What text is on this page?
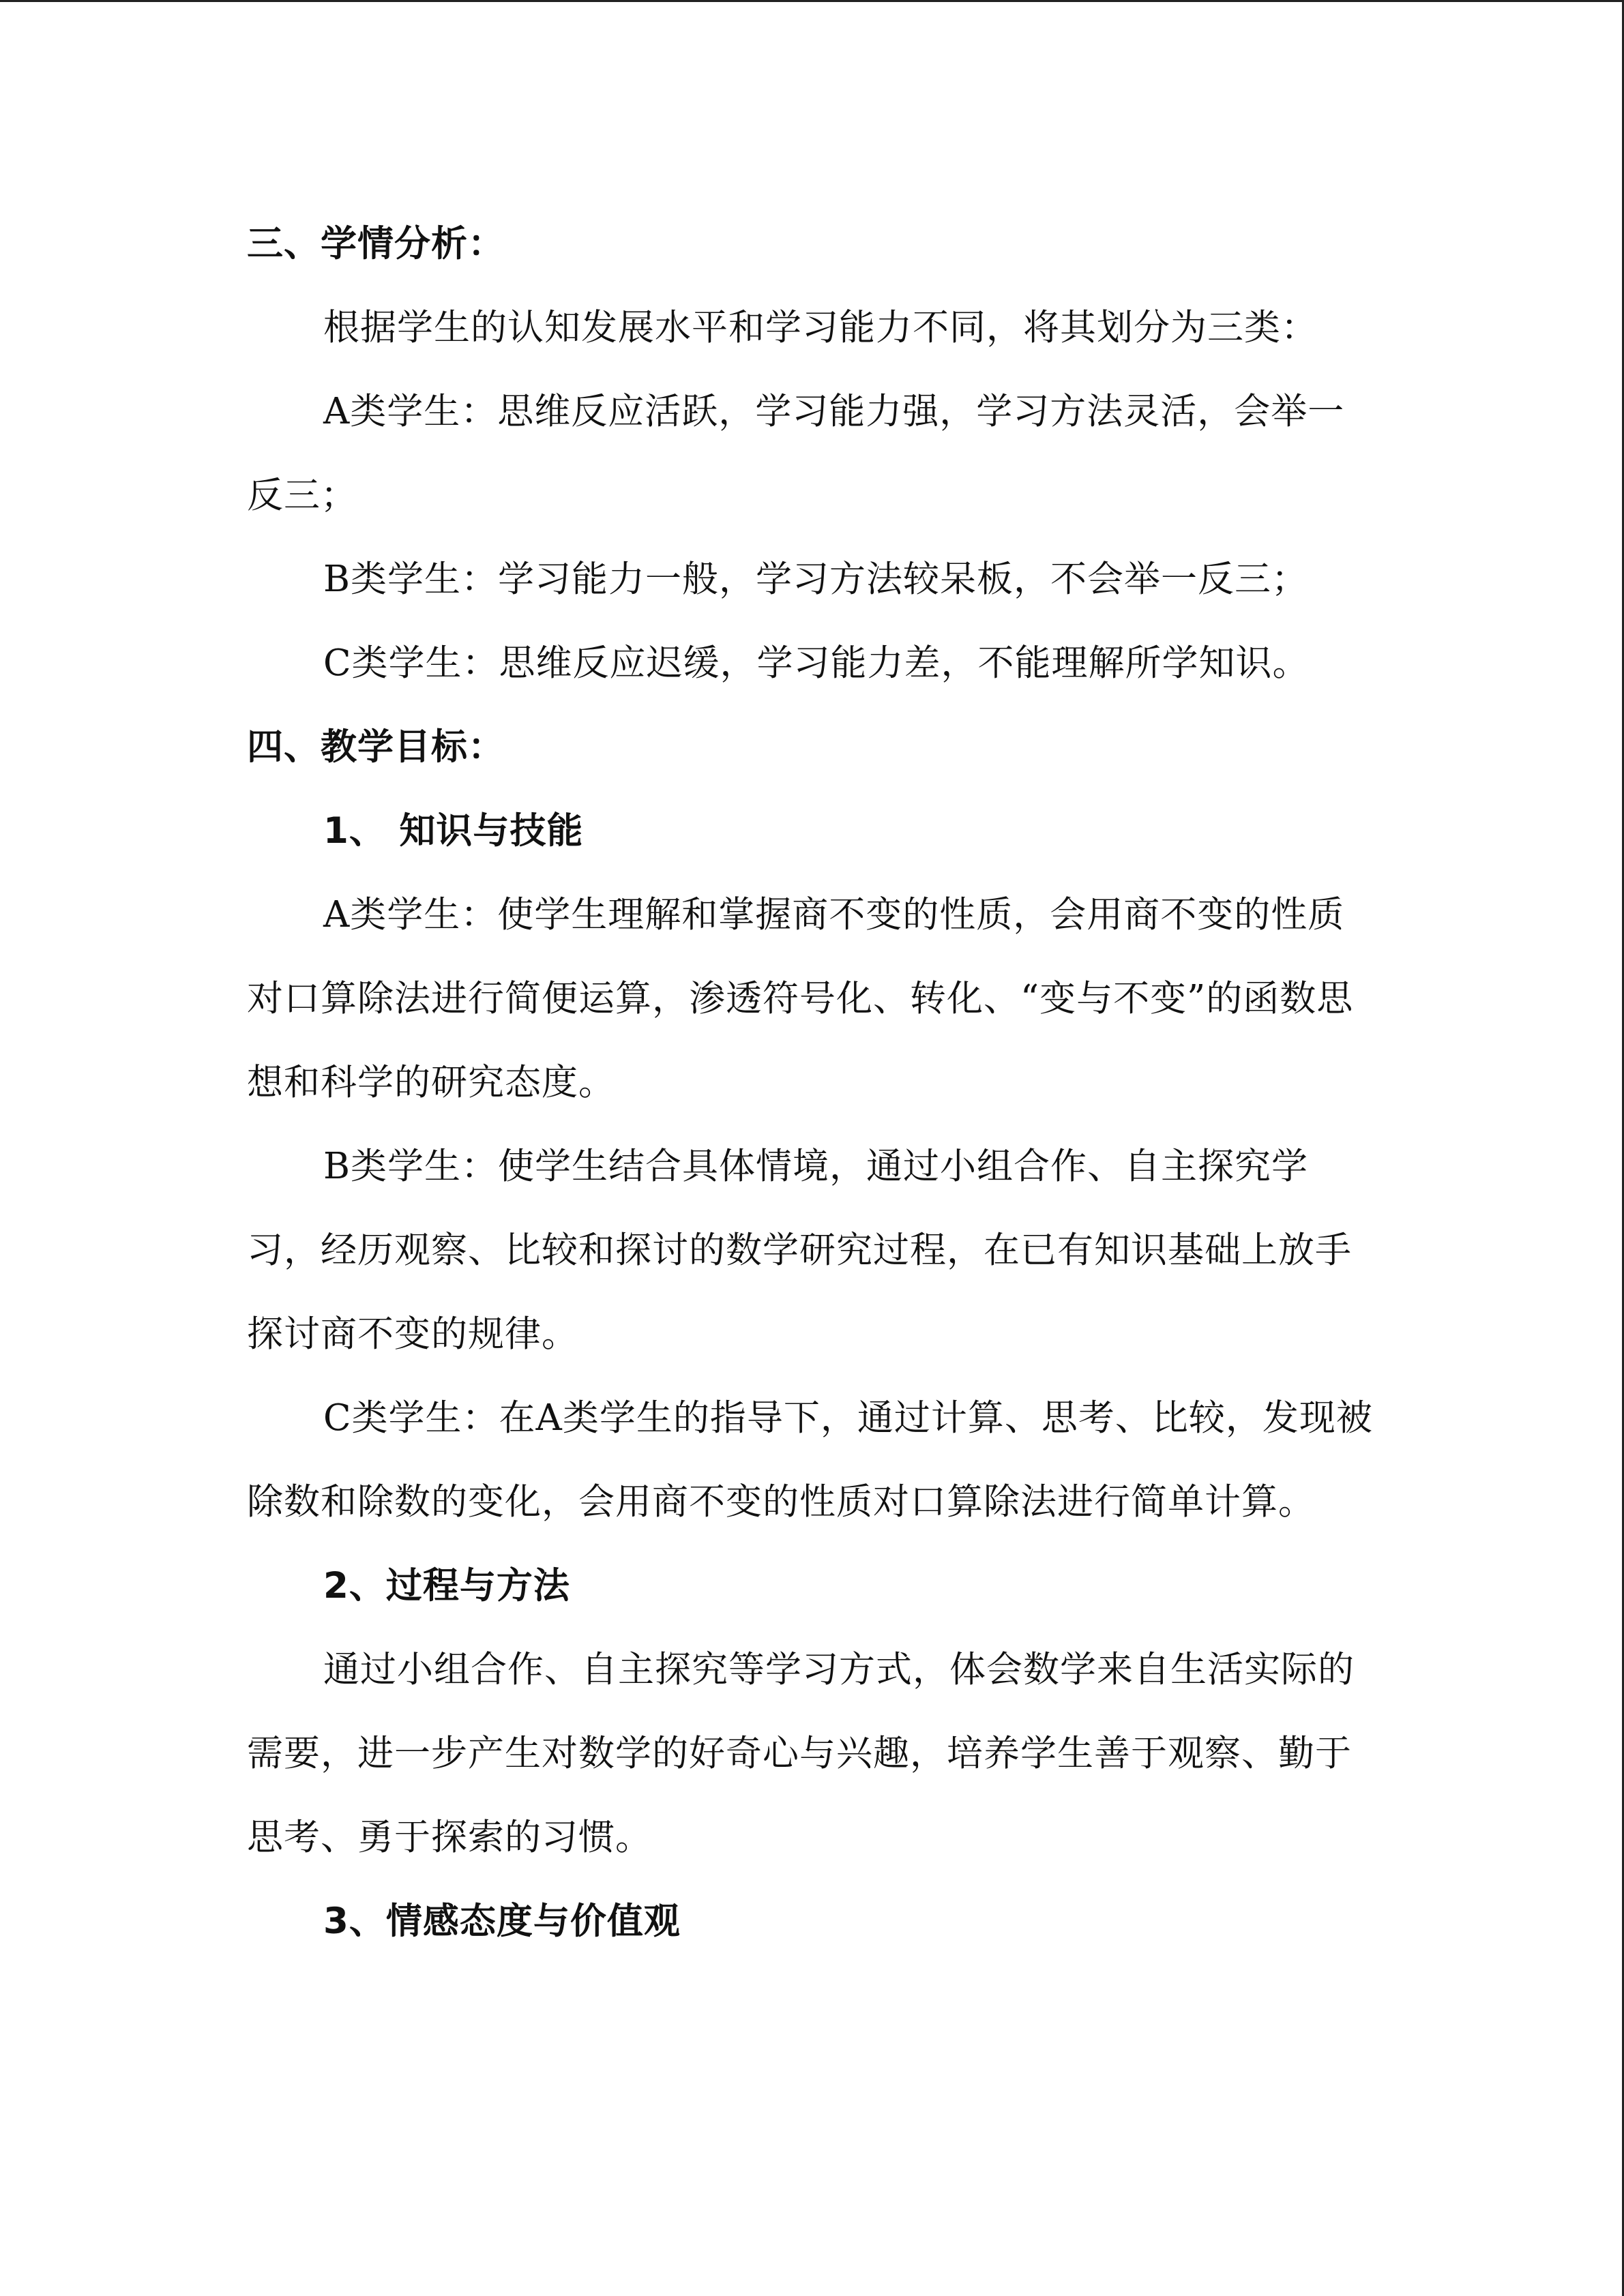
三、学情分析：

根据学生的认知发展水平和学习能力不同，将其划分为三类：

A类学生：思维反应活跃，学习能力强，学习方法灵活，会举一反三；

B类学生：学习能力一般，学习方法较呆板，不会举一反三；

C类学生：思维反应迟缓，学习能力差，不能理解所学知识。

四、教学目标：

1、 知识与技能

A类学生：使学生理解和掌握商不变的性质，会用商不变的性质对口算除法进行简便运算，渗透符号化、转化、“变与不变”的函数思想和科学的研究态度。

B类学生：使学生结合具体情境，通过小组合作、自主探究学习，经历观察、比较和探讨的数学研究过程，在已有知识基础上放手探讨商不变的规律。

C类学生：在A类学生的指导下，通过计算、思考、比较，发现被除数和除数的变化，会用商不变的性质对口算除法进行简单计算。

2、过程与方法

通过小组合作、自主探究等学习方式，体会数学来自生活实际的需要，进一步产生对数学的好奇心与兴趣，培养学生善于观察、勤于思考、勇于探索的习惯。

3、情感态度与价值观
